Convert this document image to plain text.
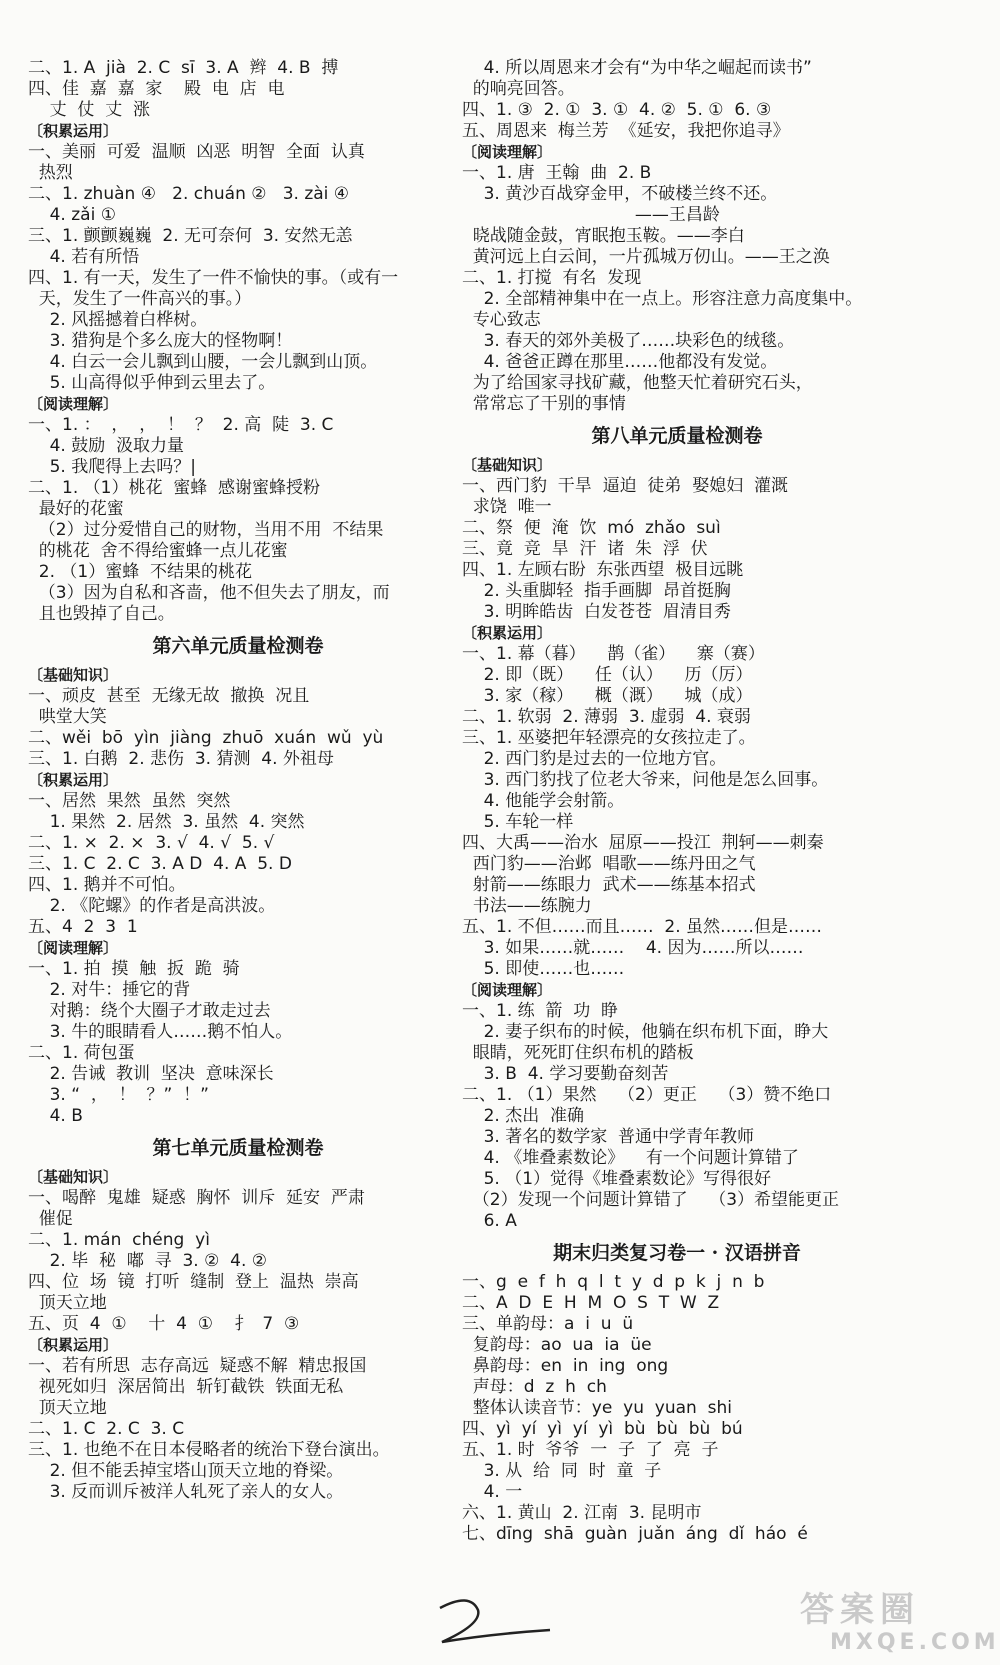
二、1. A  jià  2. C  sī  3. A  辫  4. B  搏
四、佳  嘉  嘉  家    殿  电  店  电
丈  仗  丈  涨
〔积累运用〕
一、美丽  可爱  温顺  凶恶  明智  全面  认真
热烈
二、1. zhuàn ④   2. chuán ②   3. zài ④
4. zǎi ①
三、1. 颤颤巍巍  2. 无可奈何  3. 安然无恙
4. 若有所悟
四、1. 有一天，发生了一件不愉快的事。（或有一
天，发生了一件高兴的事。）
2. 风摇撼着白桦树。
3. 猎狗是个多么庞大的怪物啊！
4. 白云一会儿飘到山腰，一会儿飘到山顶。
5. 山高得似乎伸到云里去了。
〔阅读理解〕
一、1. ：  ，  ，  ！  ？  2. 高  陡  3. C
4. 鼓励  汲取力量
5. 我爬得上去吗？|
二、1. （1）桃花  蜜蜂  感谢蜜蜂授粉
最好的花蜜
（2）过分爱惜自己的财物，当用不用  不结果
的桃花  舍不得给蜜蜂一点儿花蜜
2. （1）蜜蜂  不结果的桃花
（3）因为自私和吝啬，他不但失去了朋友，而
且也毁掉了自己。
第六单元质量检测卷
〔基础知识〕
一、顽皮  甚至  无缘无故  撤换  况且
哄堂大笑
二、wěi  bō  yìn  jiàng  zhuō  xuán  wǔ  yù
三、1. 白鹅  2. 悲伤  3. 猜测  4. 外祖母
〔积累运用〕
一、居然  果然  虽然  突然
1. 果然  2. 居然  3. 虽然  4. 突然
二、1. ×  2. ×  3. √  4. √  5. √
三、1. C  2. C  3. A D  4. A  5. D
四、1. 鹅并不可怕。
2. 《陀螺》的作者是高洪波。
五、4  2  3  1
〔阅读理解〕
一、1. 拍  摸  触  扳  跪  骑
2. 对牛：捶它的背
对鹅：绕个大圈子才敢走过去
3. 牛的眼睛看人……鹅不怕人。
二、1. 荷包蛋
2. 告诫  教训  坚决  意味深长
3. “  ，  ！  ？”  ！”
4. B
第七单元质量检测卷
〔基础知识〕
一、喝醉  鬼雄  疑惑  胸怀  训斥  延安  严肃
催促
二、1. mán  chéng  yì
2. 毕  秘  嘟  寻  3. ②  4. ②
四、位  场  镜  打听  缝制  登上  温热  崇高
顶天立地
五、页  4  ①    十  4  ①    扌  7  ③
〔积累运用〕
一、若有所思  志存高远  疑惑不解  精忠报国
视死如归  深居简出  斩钉截铁  铁面无私
顶天立地
二、1. C  2. C  3. C
三、1. 也绝不在日本侵略者的统治下登台演出。
2. 但不能丢掉宝塔山顶天立地的脊梁。
3. 反而训斥被洋人轧死了亲人的女人。
4. 所以周恩来才会有“为中华之崛起而读书”
的响亮回答。
四、1. ③  2. ①  3. ①  4. ②  5. ①  6. ③
五、周恩来  梅兰芳  《延安，我把你追寻》
〔阅读理解〕
一、1. 唐  王翰  曲  2. B
3. 黄沙百战穿金甲，不破楼兰终不还。
——王昌龄
晓战随金鼓，宵眠抱玉鞍。——李白
黄河远上白云间，一片孤城万仞山。——王之涣
二、1. 打搅  有名  发现
2. 全部精神集中在一点上。形容注意力高度集中。
专心致志
3. 春天的郊外美极了……块彩色的绒毯。
4. 爸爸正蹲在那里……他都没有发觉。
为了给国家寻找矿藏，他整天忙着研究石头，
常常忘了干别的事情
第八单元质量检测卷
〔基础知识〕
一、西门豹  干旱  逼迫  徒弟  娶媳妇  灌溉
求饶  唯一
二、祭  便  淹  饮  mó  zhǎo  suì
三、竟  竞  旱  汗  诸  朱  浮  伏
四、1. 左顾右盼  东张西望  极目远眺
2. 头重脚轻  指手画脚  昂首挺胸
3. 明眸皓齿  白发苍苍  眉清目秀
〔积累运用〕
一、1. 幕（暮）    鹊（雀）    寨（赛）
2. 即（既）    任（认）    历（厉）
3. 家（稼）    概（溉）    城（成）
二、1. 软弱  2. 薄弱  3. 虚弱  4. 衰弱
三、1. 巫婆把年轻漂亮的女孩拉走了。
2. 西门豹是过去的一位地方官。
3. 西门豹找了位老大爷来，问他是怎么回事。
4. 他能学会射箭。
5. 车轮一样
四、大禹——治水  屈原——投江  荆轲——刺秦
西门豹——治邺  唱歌——练丹田之气
射箭——练眼力  武术——练基本招式
书法——练腕力
五、1. 不但……而且……  2. 虽然……但是……
3. 如果……就……    4. 因为……所以……
5. 即使……也……
〔阅读理解〕
一、1. 练  箭  功  睁
2. 妻子织布的时候，他躺在织布机下面，睁大
眼睛，死死盯住织布机的踏板
3. B  4. 学习要勤奋刻苦
二、1. （1）果然    （2）更正    （3）赞不绝口
2. 杰出  准确
3. 著名的数学家  普通中学青年教师
4. 《堆叠素数论》    有一个问题计算错了
5. （1）觉得《堆叠素数论》写得很好
（2）发现一个问题计算错了    （3）希望能更正
6. A
期末归类复习卷一 · 汉语拼音
一、g  e  f  h  q  l  t  y  d  p  k  j  n  b
二、A  D  E  H  M  O  S  T  W  Z
三、单韵母：a  i  u  ü
复韵母：ao  ua  ia  üe
鼻韵母：en  in  ing  ong
声母：d  z  h  ch
整体认读音节：ye  yu  yuan  shi
四、yì  yí  yì  yí  yì  bù  bù  bù  bú
五、1. 时  爷爷  一  子  了  亮  子
3. 从  给  同  时  童  子
4. 一
六、1. 黄山  2. 江南  3. 昆明市
七、dīng  shā  guàn  juǎn  áng  dǐ  háo  é
答案圈
MXQE.COM
